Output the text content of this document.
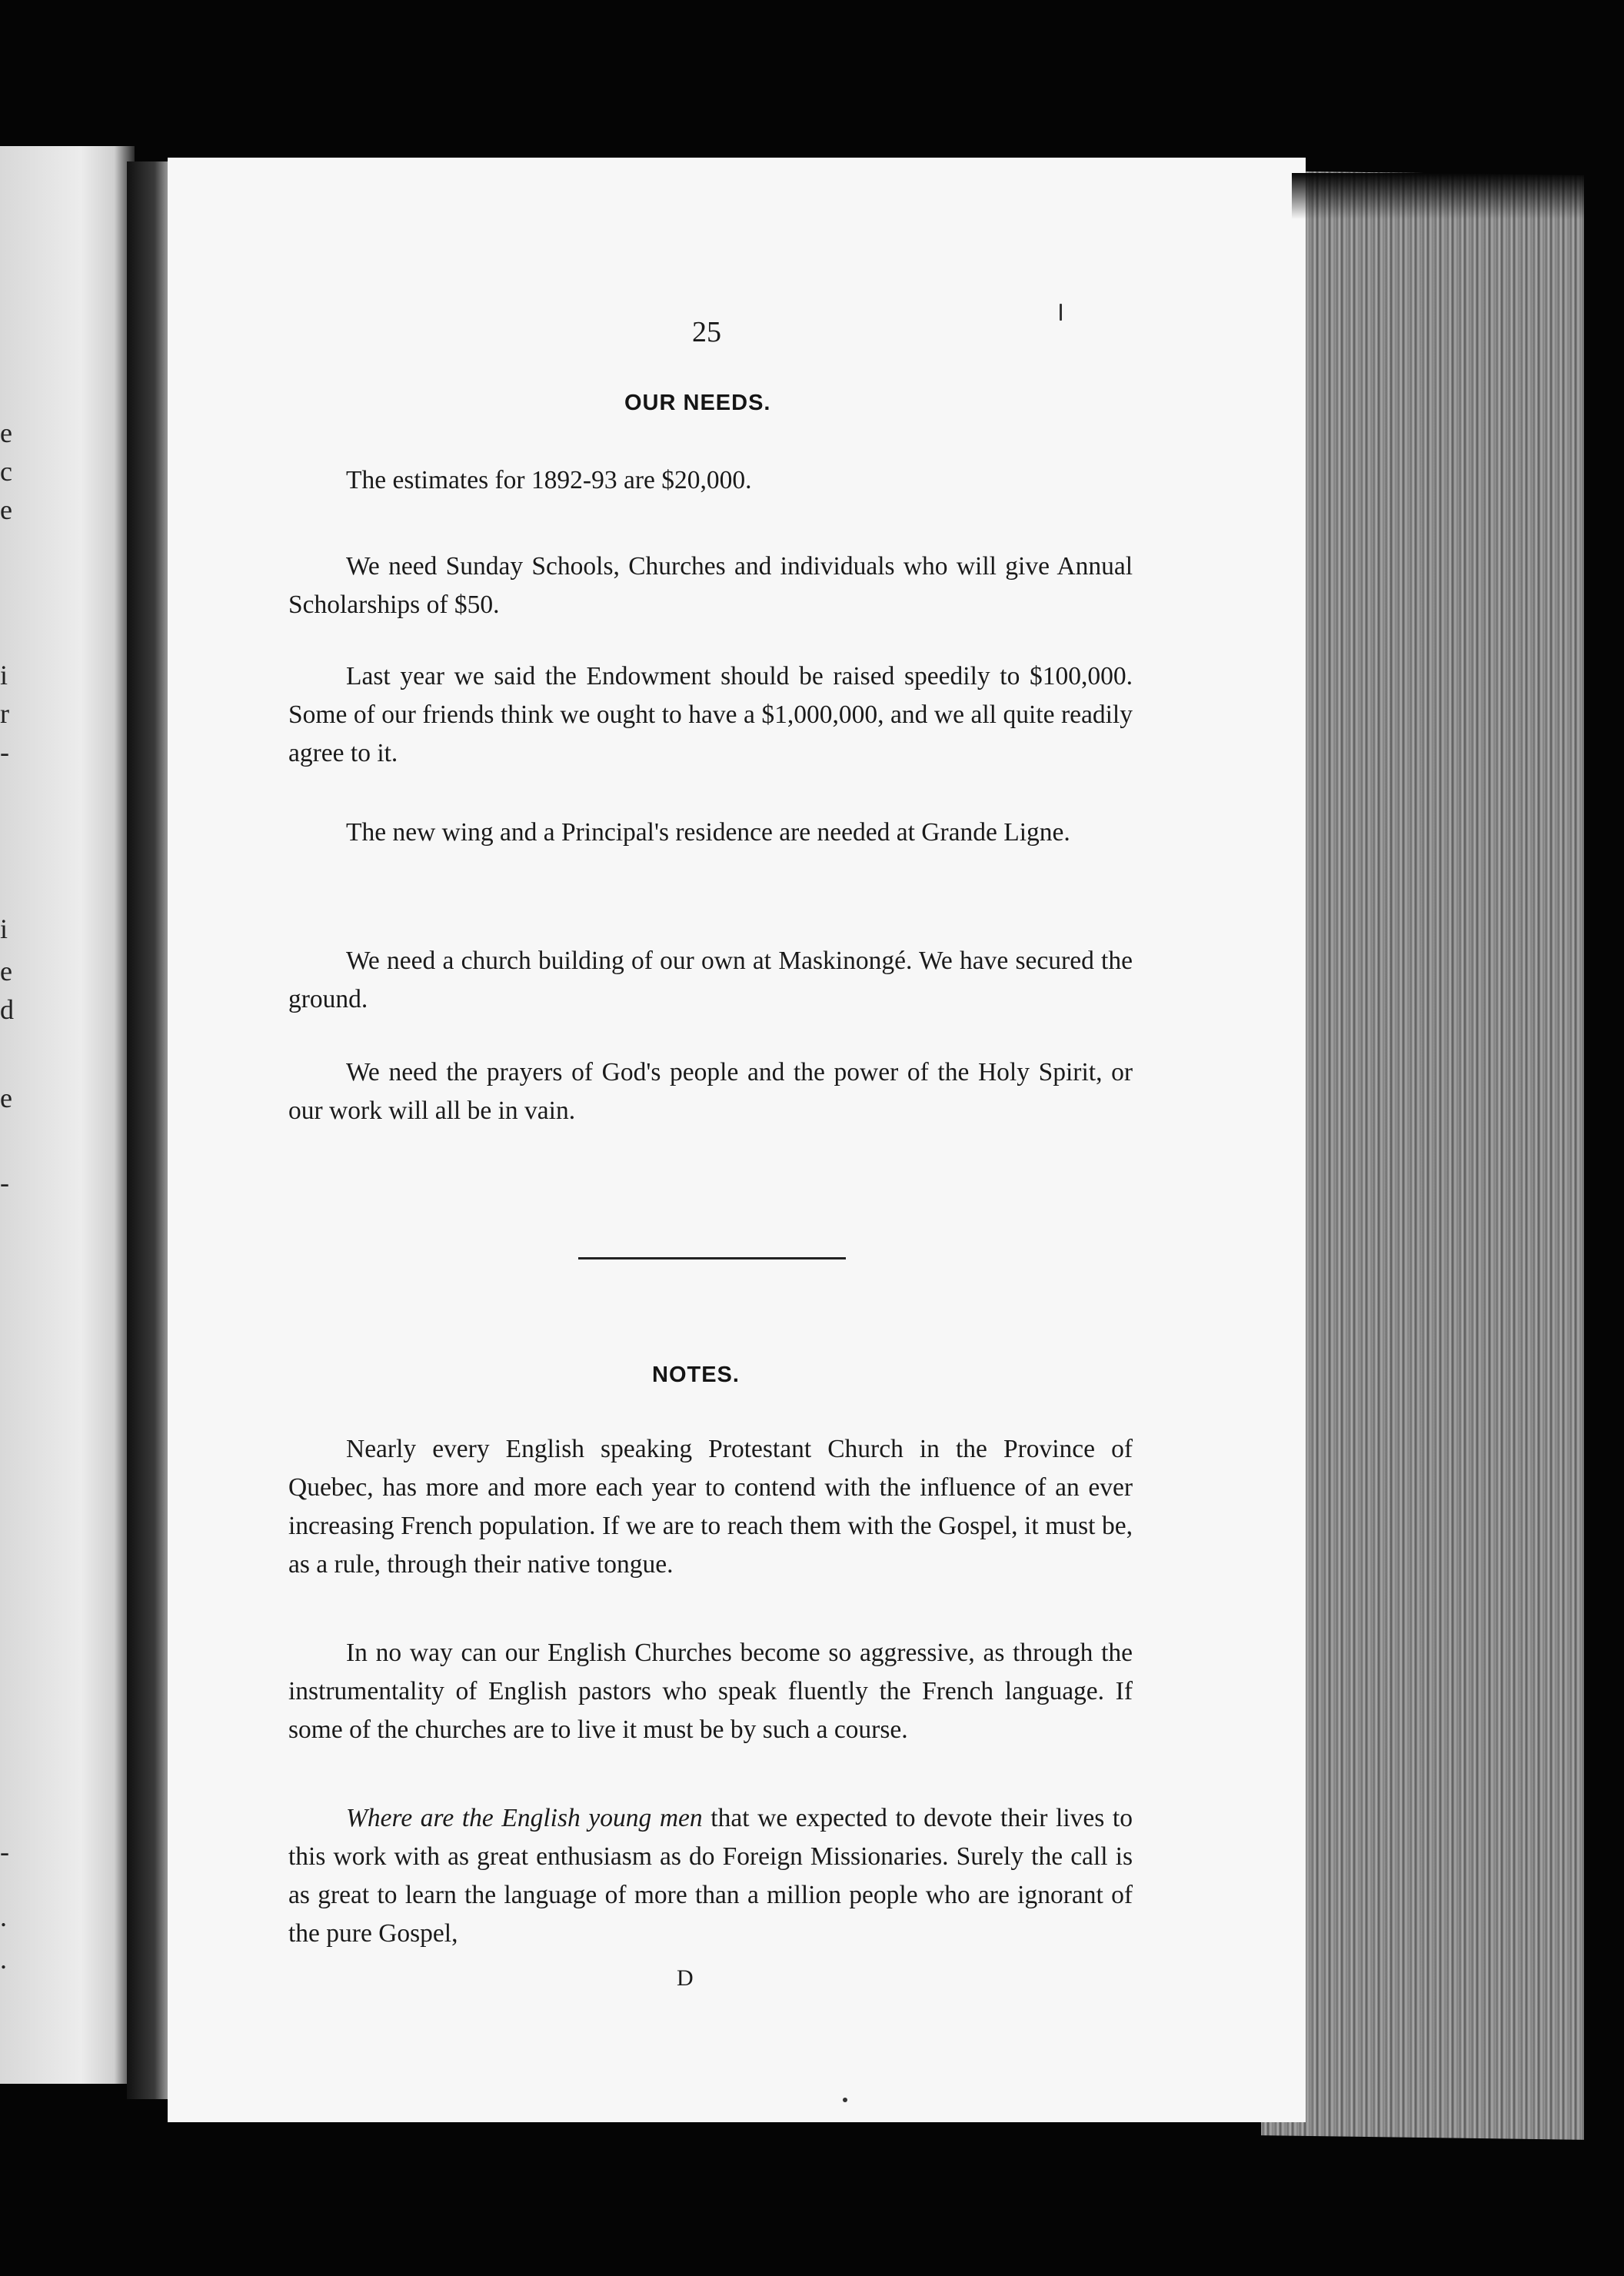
e
c
e
i
r
-
i
e
d
e
-
-
.
.
25
OUR NEEDS.
The estimates for 1892-93 are $20,000.
We need Sunday Schools, Churches and individuals who will give Annual Scholarships of $50.
Last year we said the Endowment should be raised speedily to $100,000. Some of our friends think we ought to have a $1,000,000, and we all quite readily agree to it.
The new wing and a Principal's residence are needed at Grande Ligne.
We need a church building of our own at Maskinongé. We have secured the ground.
We need the prayers of God's people and the power of the Holy Spirit, or our work will all be in vain.
NOTES.
Nearly every English speaking Protestant Church in the Province of Quebec, has more and more each year to contend with the influence of an ever increasing French population. If we are to reach them with the Gospel, it must be, as a rule, through their native tongue.
In no way can our English Churches become so aggressive, as through the instrumentality of English pastors who speak fluently the French language. If some of the churches are to live it must be by such a course.
Where are the English young men that we expected to devote their lives to this work with as great enthusiasm as do Foreign Missionaries. Surely the call is as great to learn the language of more than a million people who are ignorant of the pure Gospel,
D
